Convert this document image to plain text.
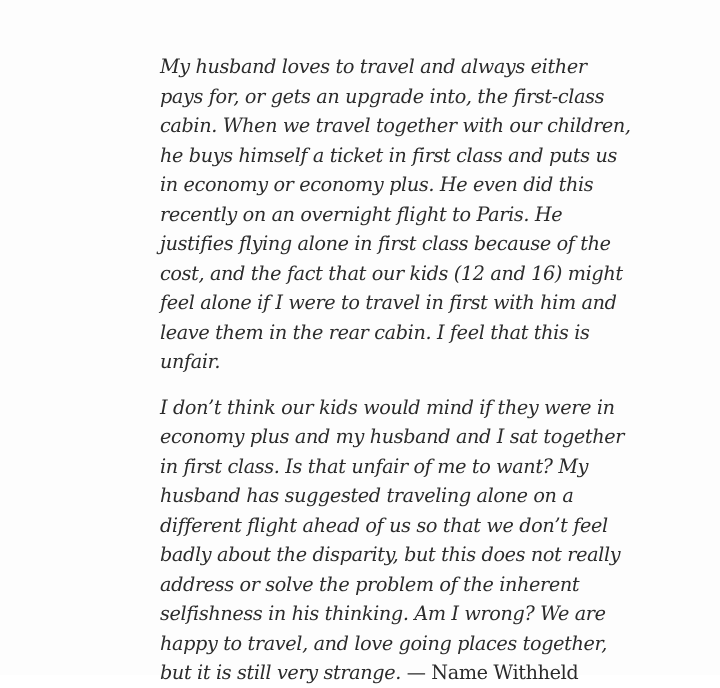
My husband loves to travel and always either
pays for, or gets an upgrade into, the first-class
cabin. When we travel together with our children,
he buys himself a ticket in first class and puts us
in economy or economy plus. He even did this
recently on an overnight flight to Paris. He
justifies flying alone in first class because of the
cost, and the fact that our kids (12 and 16) might
feel alone if I were to travel in first with him and
leave them in the rear cabin. I feel that this is
unfair.

I don’t think our kids would mind if they were in
economy plus and my husband and I sat together
in first class. Is that unfair of me to want? My
husband has suggested traveling alone on a
different flight ahead of us so that we don’t feel
badly about the disparity, but this does not really
address or solve the problem of the inherent
selfishness in his thinking. Am I wrong? We are
happy to travel, and love going places together,
but it is still very strange. — Name Withheld
